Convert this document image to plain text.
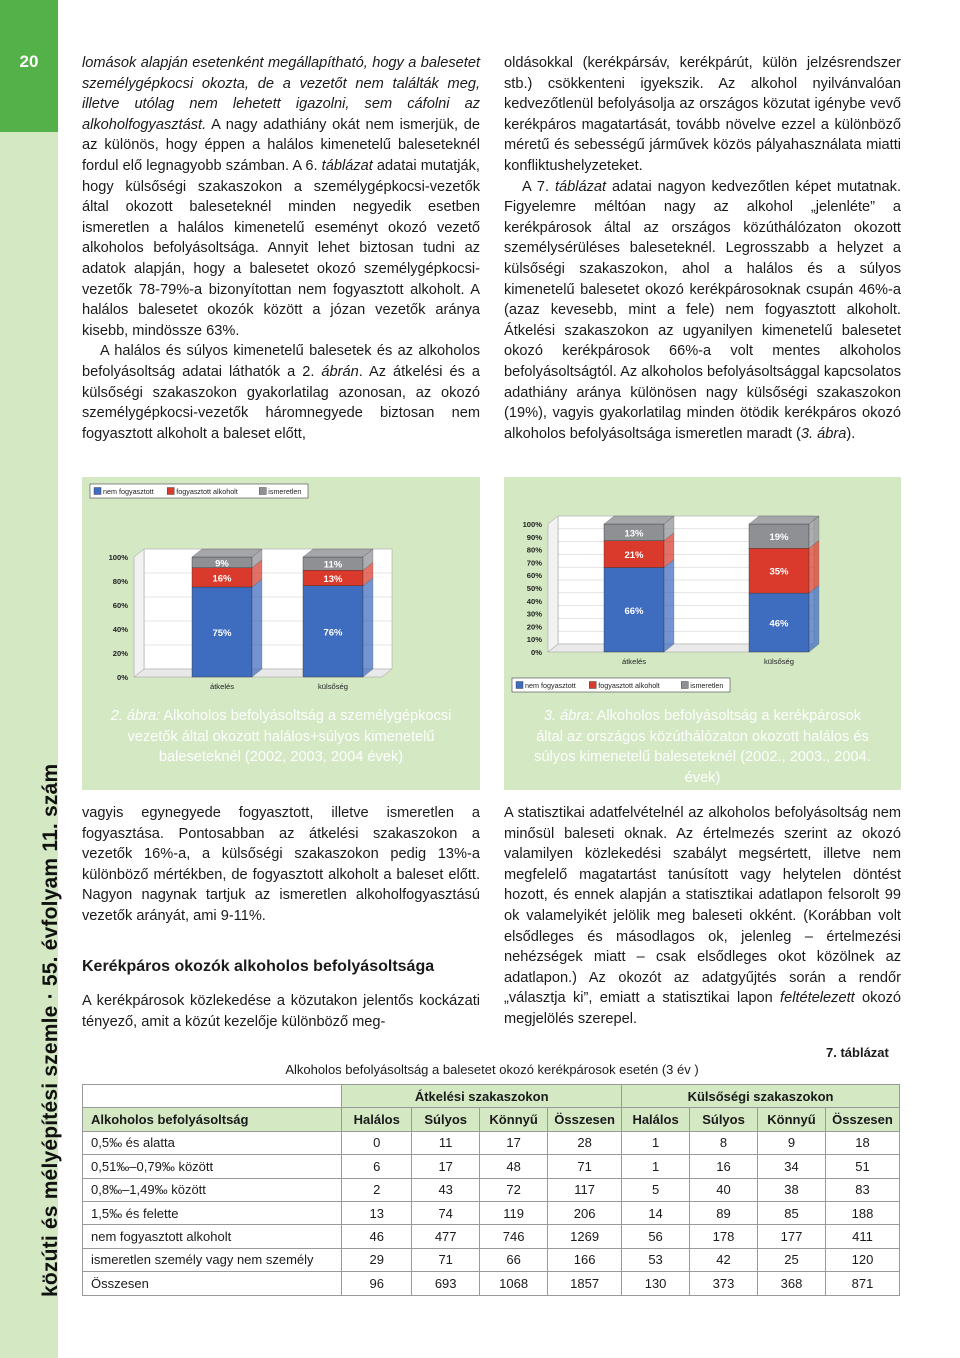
20
közúti és mélyépítési szemle · 55. évfolyam 11. szám

lomások alapján esetenként megállapítható, hogy a balesetet személygépkocsi okozta, de a vezetőt nem találták meg, illetve utólag nem lehetett igazolni, sem cáfolni az alkoholfogyasztást. A nagy adathiány okát nem ismerjük, de az különös, hogy éppen a halálos kimenetelű baleseteknél fordul elő legnagyobb számban. A 6. táblázat adatai mutatják, hogy külsőségi szakaszokon a személygépkocsi-vezetők által okozott baleseteknél minden negyedik esetben ismeretlen a halálos kimenetelű eseményt okozó vezető alkoholos befolyásoltsága. Annyit lehet biztosan tudni az adatok alapján, hogy a balesetet okozó személygépkocsi-vezetők 78-79%-a bizonyítottan nem fogyasztott alkoholt. A halálos balesetet okozók között a józan vezetők aránya kisebb, mindössze 63%.

A halálos és súlyos kimenetelű balesetek és az alkoholos befolyásoltság adatai láthatók a 2. ábrán. Az átkelési és a külsőségi szakaszokon gyakorlatilag azonosan, az okozó személygépkocsi-vezetők háromnegyede biztosan nem fogyasztott alkoholt a baleset előtt,

oldásokkal (kerékpársáv, kerékpárút, külön jelzésrendszer stb.) csökkenteni igyekszik. Az alkohol nyilvánvalóan kedvezőtlenül befolyásolja az országos közutat igénybe vevő kerékpáros magatartását, tovább növelve ezzel a különböző méretű és sebességű járművek közös pályahasználata miatti konfliktushelyzeteket.

A 7. táblázat adatai nagyon kedvezőtlen képet mutatnak. Figyelemre méltóan nagy az alkohol „jelenléte” a kerékpárosok által az országos közúthálózaton okozott személysérüléses baleseteknél. Legrosszabb a helyzet a külsőségi szakaszokon, ahol a halálos és a súlyos kimenetelű balesetet okozó kerékpárosoknak csupán 46%-a (azaz kevesebb, mint a fele) nem fogyasztott alkoholt. Átkelési szakaszokon az ugyanilyen kimenetelű balesetet okozó kerékpárosok 66%-a volt mentes alkoholos befolyásoltságtól. Az alkoholos befolyásoltsággal kapcsolatos adathiány aránya különösen nagy külsőségi szakaszokon (19%), vagyis gyakorlatilag minden ötödik kerékpáros okozó alkoholos befolyásoltsága ismeretlen maradt (3. ábra).

nem fogyasztott	fogyasztott alkoholt	ismeretlen
0%
20%
40%
60%
80%
100%
75%
16%
9%
átkelés
76%
13%
11%
külsőség
2. ábra: Alkoholos befolyásoltság a személygépkocsi vezetők által okozott halálos+súlyos kimenetelű baleseteknél (2002, 2003, 2004 évek)
0%
10%
20%
30%
40%
50%
60%
70%
80%
90%
100%
66%
21%
13%
átkelés
46%
35%
19%
külsőség
nem fogyasztott	fogyasztott alkoholt	ismeretlen
3. ábra: Alkoholos befolyásoltság a kerékpárosok által az országos közúthálózaton okozott halálos és súlyos kimenetelű baleseteknél (2002., 2003., 2004. évek)

vagyis egynegyede fogyasztott, illetve ismeretlen a fogyasztása. Pontosabban az átkelési szakaszokon a vezetők 16%-a, a külsőségi szakaszokon pedig 13%-a különböző mértékben, de fogyasztott alkoholt a baleset előtt. Nagyon nagynak tartjuk az ismeretlen alkoholfogyasztású vezetők arányát, ami 9-11%.

Kerékpáros okozók alkoholos befolyásoltsága

A kerékpárosok közlekedése a közutakon jelentős kockázati tényező, amit a közút kezelője különböző meg-

A statisztikai adatfelvételnél az alkoholos befolyásoltság nem minősül baleseti oknak. Az értelmezés szerint az okozó valamilyen közlekedési szabályt megsértett, illetve nem megfelelő magatartást tanúsított vagy helytelen döntést hozott, és ennek alapján a statisztikai adatlapon felsorolt 99 ok valamelyikét jelölik meg baleseti okként. (Korábban volt elsődleges és másodlagos ok, jelenleg – értelmezési nehézségek miatt – csak elsődleges okot közölnek az adatlapon.) Az okozót az adatgyűjtés során a rendőr „választja ki”, emiatt a statisztikai lapon feltételezett okozó megjelölés szerepel.

7. táblázat
Alkoholos befolyásoltság a balesetet okozó kerékpárosok esetén (3 év )
	Átkelési szakaszokon				Külsőségi szakaszokon			
Alkoholos befolyásoltság	Halálos	Súlyos	Könnyű	Összesen	Halálos	Súlyos	Könnyű	Összesen
0,5‰ és alatta	0	11	17	28	1	8	9	18
0,51‰–0,79‰ között	6	17	48	71	1	16	34	51
0,8‰–1,49‰ között	2	43	72	117	5	40	38	83
1,5‰ és felette	13	74	119	206	14	89	85	188
nem fogyasztott alkoholt	46	477	746	1269	56	178	177	411
ismeretlen személy vagy nem személy	29	71	66	166	53	42	25	120
Összesen	96	693	1068	1857	130	373	368	871
